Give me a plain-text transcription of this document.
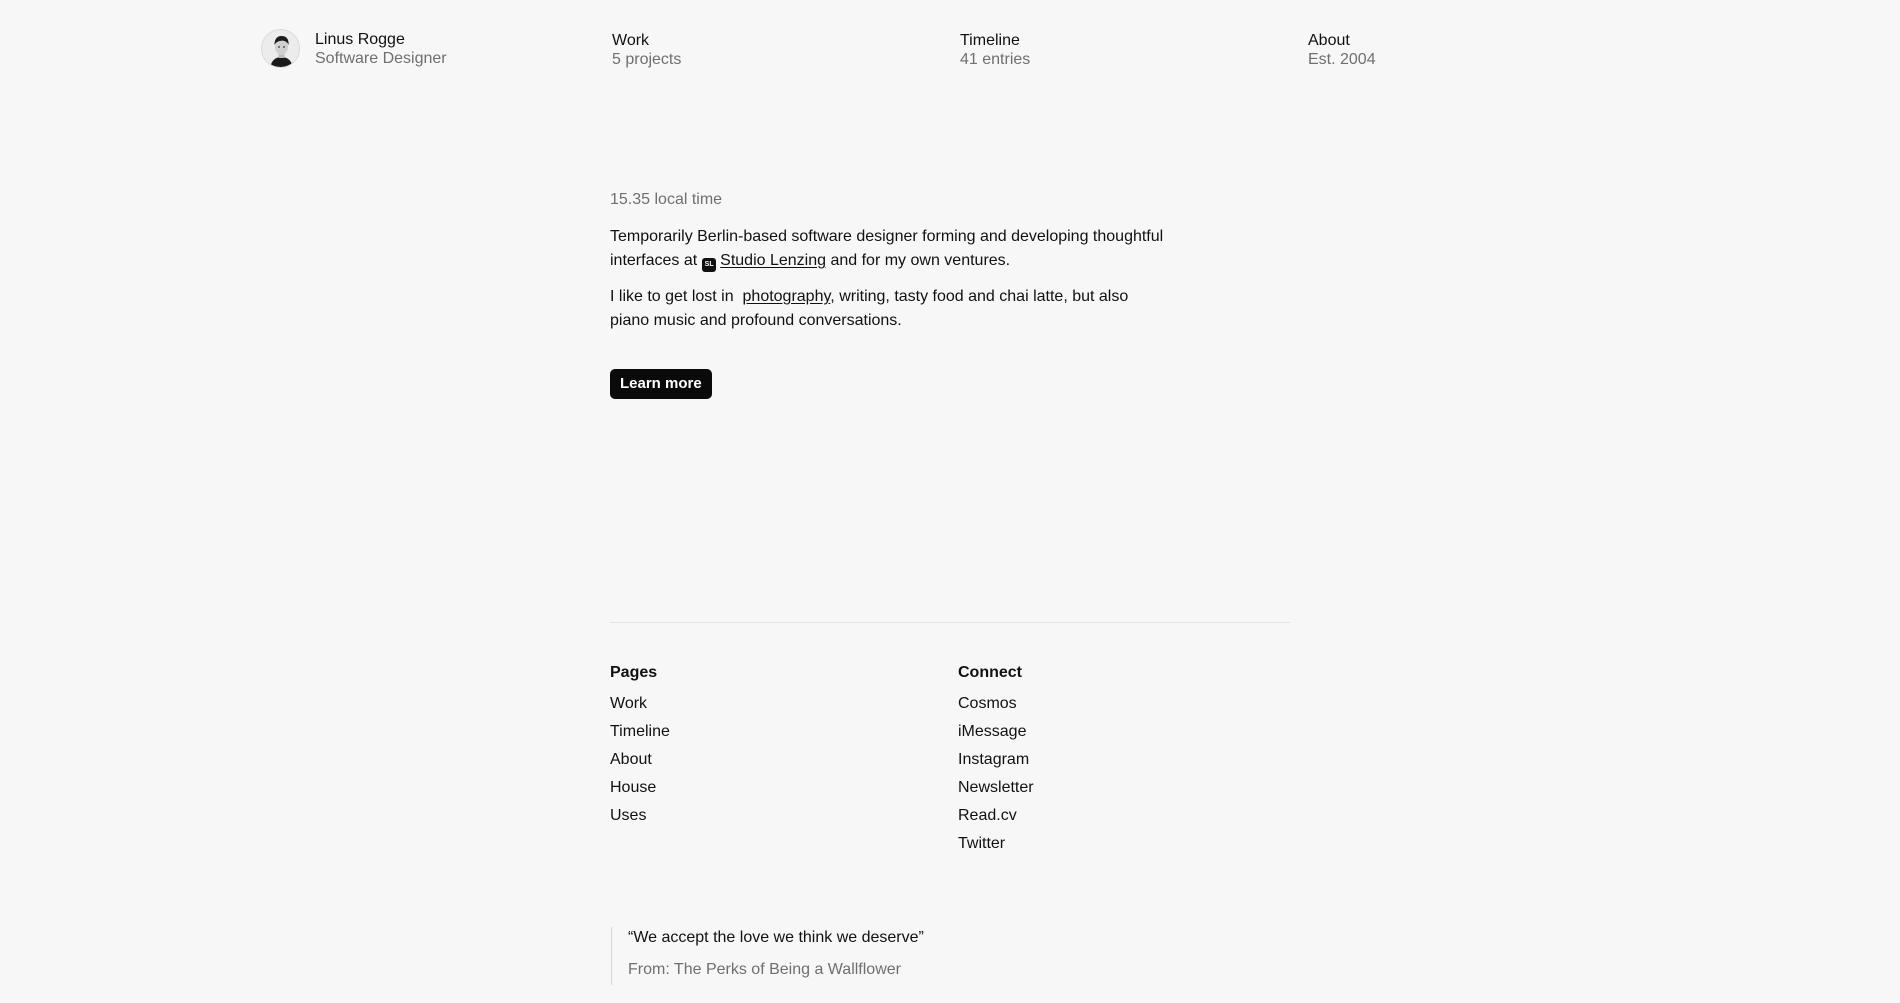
Linus Rogge
Software Designer
Work
5 projects
Timeline
41 entries
About
Est. 2004
15.35 local time

Temporarily Berlin-based software designer forming and developing thoughtful interfaces at SL Studio Lenzing and for my own ventures.

I like to get lost in photography, writing, tasty food and chai latte, but also piano music and profound conversations.

Learn more
Pages
Work
Timeline
About
House
Uses
Connect
Cosmos
iMessage
Instagram
Newsletter
Read.cv
Twitter
“We accept the love we think we deserve”
From: The Perks of Being a Wallflower
